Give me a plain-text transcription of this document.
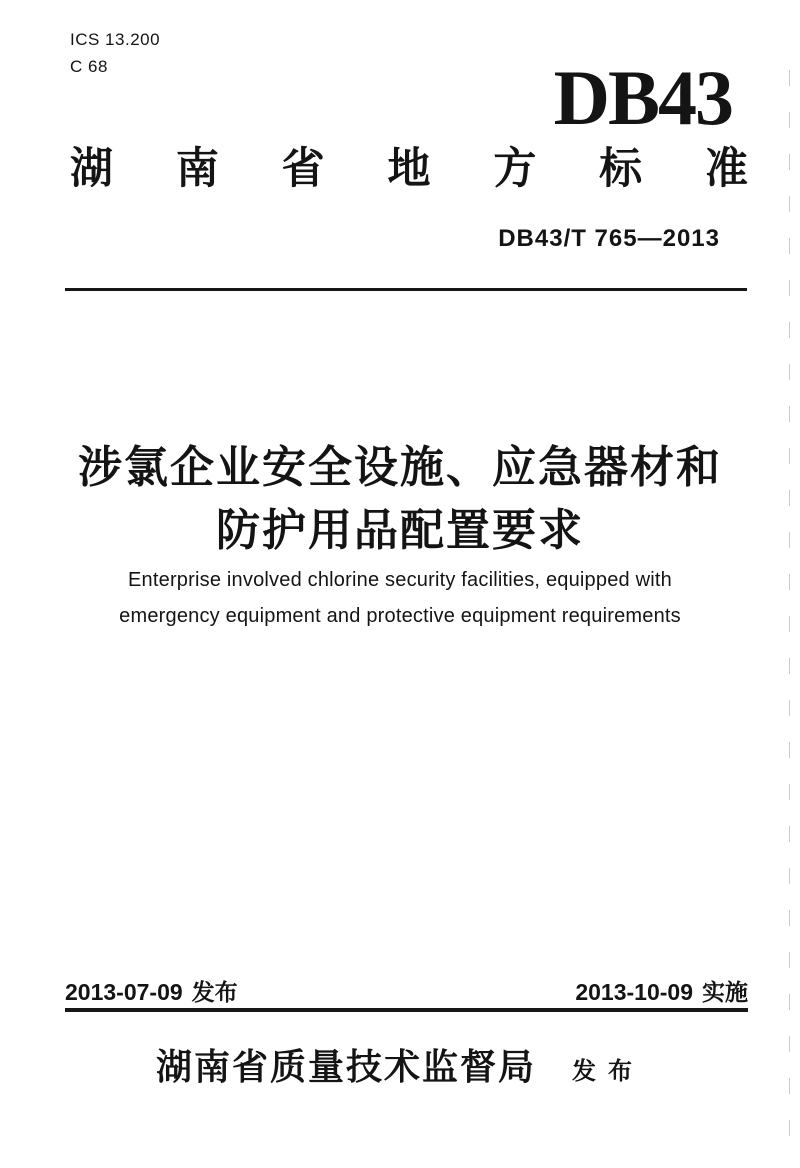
ICS 13.200
C 68	DB43
湖 南 省 地 方 标 准
DB43/T 765—2013
涉氯企业安全设施、应急器材和
防护用品配置要求
Enterprise involved chlorine security facilities, equipped with
emergency equipment and protective equipment requirements
2013-07-09 发布	2013-10-09 实施
湖南省质量技术监督局 发布
